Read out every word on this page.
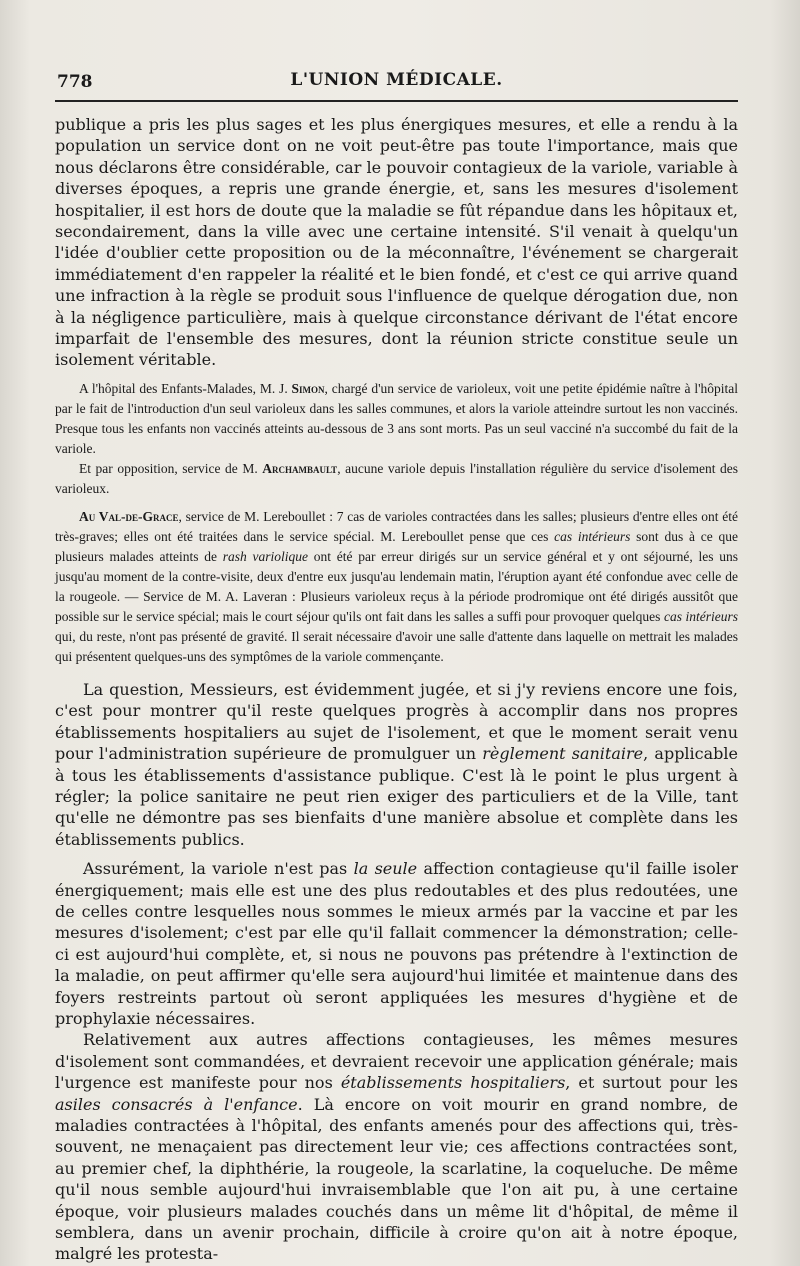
778	L'UNION MÉDICALE.

publique a pris les plus sages et les plus énergiques mesures, et elle a rendu à la population un service dont on ne voit peut-être pas toute l'importance, mais que nous déclarons être considérable, car le pouvoir contagieux de la variole, variable à diverses époques, a repris une grande énergie, et, sans les mesures d'isolement hospitalier, il est hors de doute que la maladie se fût répandue dans les hôpitaux et, secondairement, dans la ville avec une certaine intensité. S'il venait à quelqu'un l'idée d'oublier cette proposition ou de la méconnaître, l'événement se chargerait immédiatement d'en rappeler la réalité et le bien fondé, et c'est ce qui arrive quand une infraction à la règle se produit sous l'influence de quelque dérogation due, non à la négligence particulière, mais à quelque circonstance dérivant de l'état encore imparfait de l'ensemble des mesures, dont la réunion stricte constitue seule un isolement véritable.

A l'hôpital des Enfants-Malades, M. J. Simon, chargé d'un service de varioleux, voit une petite épidémie naître à l'hôpital par le fait de l'introduction d'un seul varioleux dans les salles communes, et alors la variole atteindre surtout les non vaccinés. Presque tous les enfants non vaccinés atteints au-dessous de 3 ans sont morts. Pas un seul vacciné n'a succombé du fait de la variole.

Et par opposition, service de M. Archambault, aucune variole depuis l'installation régulière du service d'isolement des varioleux.

Au Val-de-Grace, service de M. Lereboullet : 7 cas de varioles contractées dans les salles; plusieurs d'entre elles ont été très-graves; elles ont été traitées dans le service spécial. M. Lereboullet pense que ces cas intérieurs sont dus à ce que plusieurs malades atteints de rash variolique ont été par erreur dirigés sur un service général et y ont séjourné, les uns jusqu'au moment de la contre-visite, deux d'entre eux jusqu'au lendemain matin, l'éruption ayant été confondue avec celle de la rougeole. — Service de M. A. Laveran : Plusieurs varioleux reçus à la période prodromique ont été dirigés aussitôt que possible sur le service spécial; mais le court séjour qu'ils ont fait dans les salles a suffi pour provoquer quelques cas intérieurs qui, du reste, n'ont pas présenté de gravité. Il serait nécessaire d'avoir une salle d'attente dans laquelle on mettrait les malades qui présentent quelques-uns des symptômes de la variole commençante.

La question, Messieurs, est évidemment jugée, et si j'y reviens encore une fois, c'est pour montrer qu'il reste quelques progrès à accomplir dans nos propres établissements hospitaliers au sujet de l'isolement, et que le moment serait venu pour l'administration supérieure de promulguer un règlement sanitaire, applicable à tous les établissements d'assistance publique. C'est là le point le plus urgent à régler; la police sanitaire ne peut rien exiger des particuliers et de la Ville, tant qu'elle ne démontre pas ses bienfaits d'une manière absolue et complète dans les établissements publics.

Assurément, la variole n'est pas la seule affection contagieuse qu'il faille isoler énergiquement; mais elle est une des plus redoutables et des plus redoutées, une de celles contre lesquelles nous sommes le mieux armés par la vaccine et par les mesures d'isolement; c'est par elle qu'il fallait commencer la démonstration; celle-ci est aujourd'hui complète, et, si nous ne pouvons pas prétendre à l'extinction de la maladie, on peut affirmer qu'elle sera aujourd'hui limitée et maintenue dans des foyers restreints partout où seront appliquées les mesures d'hygiène et de prophylaxie nécessaires.

Relativement aux autres affections contagieuses, les mêmes mesures d'isolement sont commandées, et devraient recevoir une application générale; mais l'urgence est manifeste pour nos établissements hospitaliers, et surtout pour les asiles consacrés à l'enfance. Là encore on voit mourir en grand nombre, de maladies contractées à l'hôpital, des enfants amenés pour des affections qui, très-souvent, ne menaçaient pas directement leur vie; ces affections contractées sont, au premier chef, la diphthérie, la rougeole, la scarlatine, la coqueluche. De même qu'il nous semble aujourd'hui invraisemblable que l'on ait pu, à une certaine époque, voir plusieurs malades couchés dans un même lit d'hôpital, de même il semblera, dans un avenir prochain, difficile à croire qu'on ait à notre époque, malgré les protesta-
